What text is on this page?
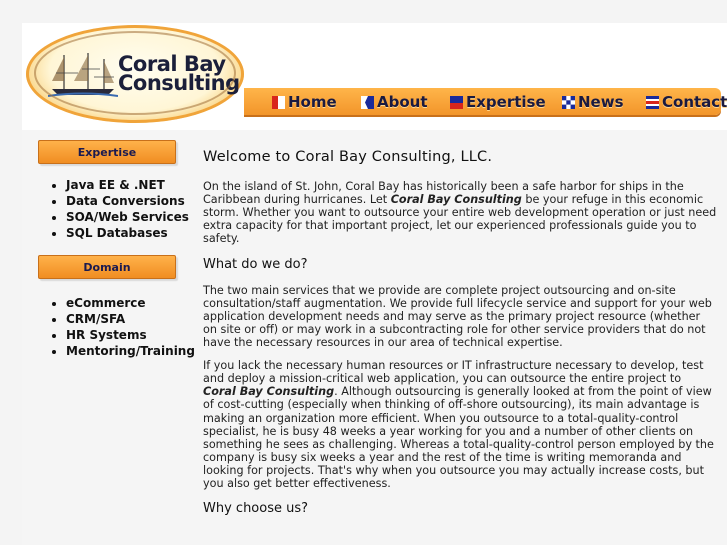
Coral Bay
Consulting
Home	About	Expertise News	Contact
Expertise
• Java EE & .NET
• Data Conversions
• SOA/Web Services
• SQL Databases
Domain
• eCommerce
• CRM/SFA
• HR Systems
• Mentoring/Training
Welcome to Coral Bay Consulting, LLC.

On the island of St. John, Coral Bay has historically been a safe harbor for ships in the Caribbean during hurricanes. Let Coral Bay Consulting be your refuge in this economic storm. Whether you want to outsource your entire web development operation or just need extra capacity for that important project, let our experienced professionals guide you to safety.

What do we do?

The two main services that we provide are complete project outsourcing and on-site consultation/staff augmentation. We provide full lifecycle service and support for your web application development needs and may serve as the primary project resource (whether on site or off) or may work in a subcontracting role for other service providers that do not have the necessary resources in our area of technical expertise.

If you lack the necessary human resources or IT infrastructure necessary to develop, test and deploy a mission-critical web application, you can outsource the entire project to Coral Bay Consulting. Although outsourcing is generally looked at from the point of view of cost-cutting (especially when thinking of off-shore outsourcing), its main advantage is making an organization more efficient. When you outsource to a total-quality-control specialist, he is busy 48 weeks a year working for you and a number of other clients on something he sees as challenging. Whereas a total-quality-control person employed by the company is busy six weeks a year and the rest of the time is writing memoranda and looking for projects. That's why when you outsource you may actually increase costs, but you also get better effectiveness.

Why choose us?
